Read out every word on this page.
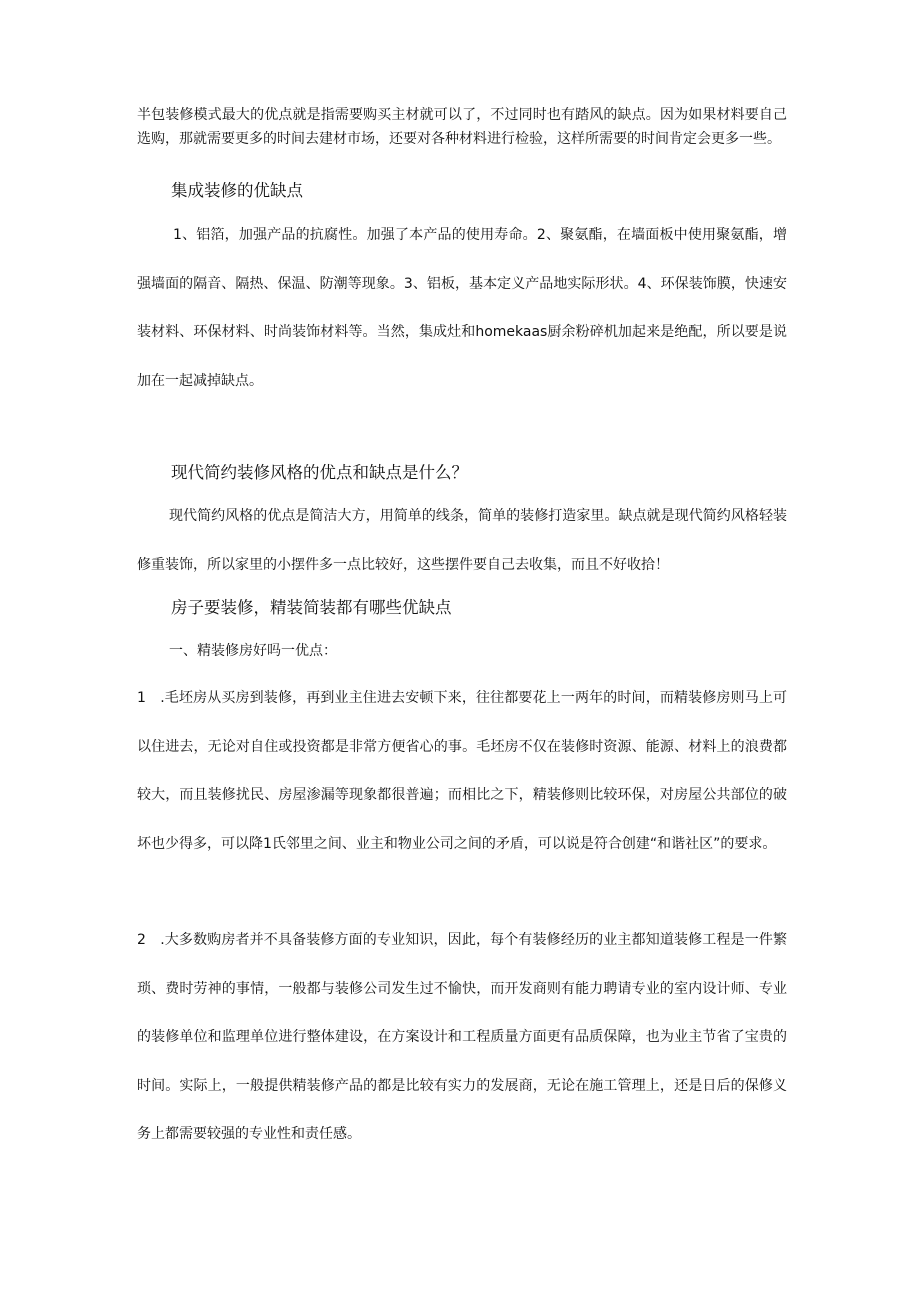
半包装修模式最大的优点就是指需要购买主材就可以了，不过同时也有踏风的缺点。因为如果材料要自己选购，那就需要更多的时间去建材市场，还要对各种材料进行检验，这样所需要的时间肯定会更多一些。

集成装修的优缺点

1、铝箔，加强产品的抗腐性。加强了本产品的使用寿命。2、聚氨酯，在墙面板中使用聚氨酯，增强墙面的隔音、隔热、保温、防潮等现象。3、铝板，基本定义产品地实际形状。4、环保装饰膜，快速安装材料、环保材料、时尚装饰材料等。当然，集成灶和homekaas厨余粉碎机加起来是绝配，所以要是说加在一起减掉缺点。

现代简约装修风格的优点和缺点是什么？

现代简约风格的优点是简洁大方，用简单的线条，简单的装修打造家里。缺点就是现代简约风格轻装修重装饰，所以家里的小摆件多一点比较好，这些摆件要自己去收集，而且不好收拾！

房子要装修，精装简装都有哪些优缺点

一、精装修房好吗一优点：

1　.毛坯房从买房到装修，再到业主住进去安顿下来，往往都要花上一两年的时间，而精装修房则马上可以住进去，无论对自住或投资都是非常方便省心的事。毛坯房不仅在装修时资源、能源、材料上的浪费都较大，而且装修扰民、房屋渗漏等现象都很普遍；而相比之下，精装修则比较环保，对房屋公共部位的破坏也少得多，可以降1氏邻里之间、业主和物业公司之间的矛盾，可以说是符合创建“和谐社区”的要求。

2　.大多数购房者并不具备装修方面的专业知识，因此，每个有装修经历的业主都知道装修工程是一件繁琐、费时劳神的事情，一般都与装修公司发生过不愉快，而开发商则有能力聘请专业的室内设计师、专业的装修单位和监理单位进行整体建设，在方案设计和工程质量方面更有品质保障，也为业主节省了宝贵的时间。实际上，一般提供精装修产品的都是比较有实力的发展商，无论在施工管理上，还是日后的保修义务上都需要较强的专业性和责任感。
